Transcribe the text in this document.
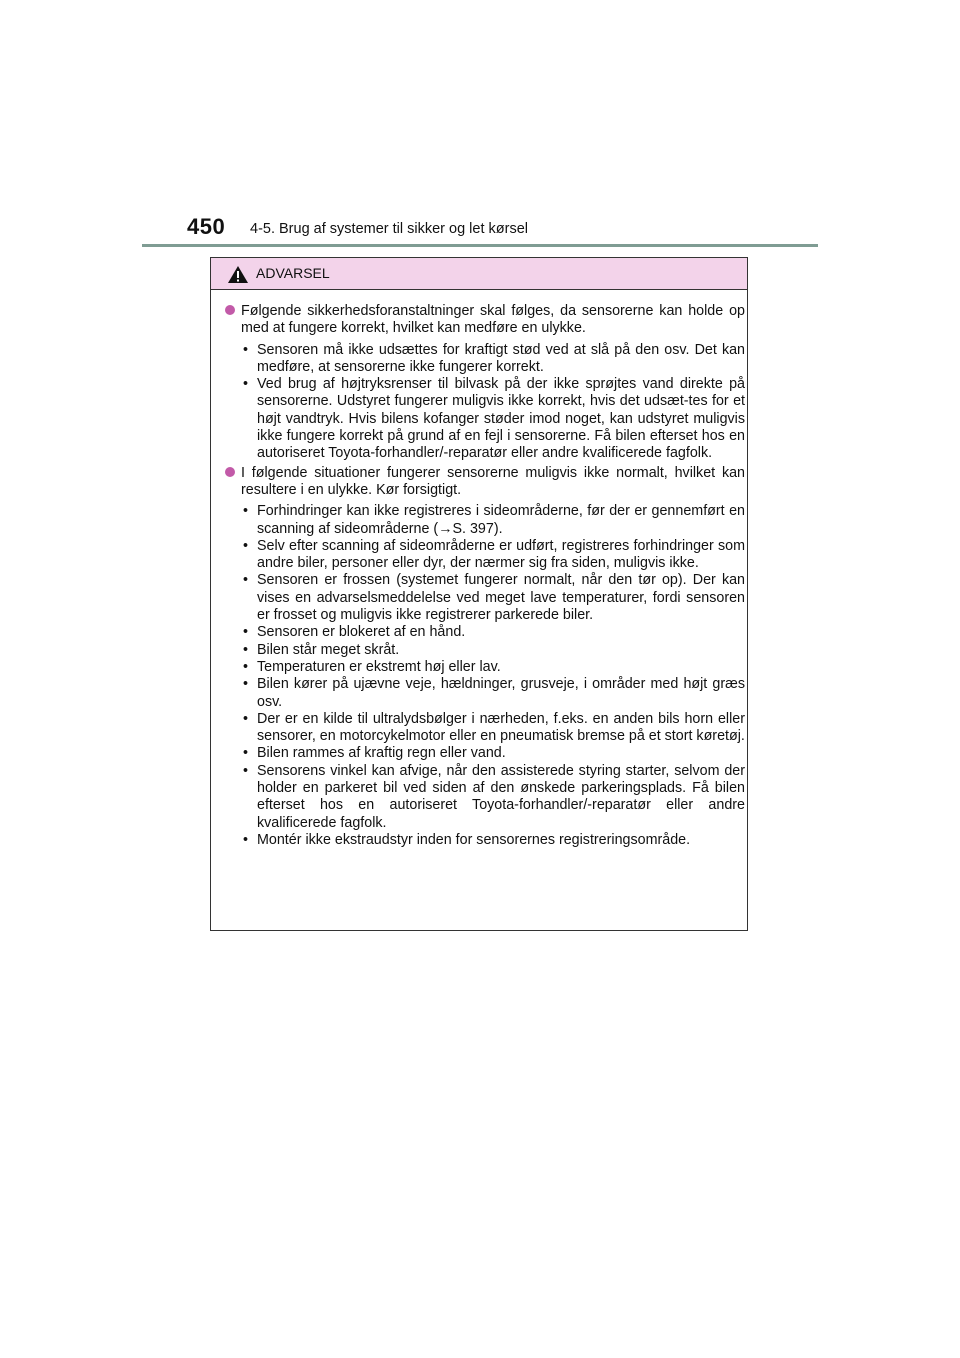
450 4-5. Brug af systemer til sikker og let kørsel
ADVARSEL
Følgende sikkerhedsforanstaltninger skal følges, da sensorerne kan holde op med at fungere korrekt, hvilket kan medføre en ulykke.
• Sensoren må ikke udsættes for kraftigt stød ved at slå på den osv. Det kan medføre, at sensorerne ikke fungerer korrekt.
• Ved brug af højtryksrenser til bilvask på der ikke sprøjtes vand direkte på sensorerne. Udstyret fungerer muligvis ikke korrekt, hvis det udsæt-tes for et højt vandtryk. Hvis bilens kofanger støder imod noget, kan udstyret muligvis ikke fungere korrekt på grund af en fejl i sensorerne. Få bilen efterset hos en autoriseret Toyota-forhandler/-reparatør eller andre kvalificerede fagfolk.
I følgende situationer fungerer sensorerne muligvis ikke normalt, hvilket kan resultere i en ulykke. Kør forsigtigt.
• Forhindringer kan ikke registreres i sideområderne, før der er gennemført en scanning af sideområderne (→S. 397).
• Selv efter scanning af sideområderne er udført, registreres forhindringer som andre biler, personer eller dyr, der nærmer sig fra siden, muligvis ikke.
• Sensoren er frossen (systemet fungerer normalt, når den tør op). Der kan vises en advarselsmeddelelse ved meget lave temperaturer, fordi sensoren er frosset og muligvis ikke registrerer parkerede biler.
• Sensoren er blokeret af en hånd.
• Bilen står meget skråt.
• Temperaturen er ekstremt høj eller lav.
• Bilen kører på ujævne veje, hældninger, grusveje, i områder med højt græs osv.
• Der er en kilde til ultralydsbølger i nærheden, f.eks. en anden bils horn eller sensorer, en motorcykelmotor eller en pneumatisk bremse på et stort køretøj.
• Bilen rammes af kraftig regn eller vand.
• Sensorens vinkel kan afvige, når den assisterede styring starter, selvom der holder en parkeret bil ved siden af den ønskede parkeringsplads. Få bilen efterset hos en autoriseret Toyota-forhandler/-reparatør eller andre kvalificerede fagfolk.
• Montér ikke ekstraudstyr inden for sensorernes registreringsområde.
